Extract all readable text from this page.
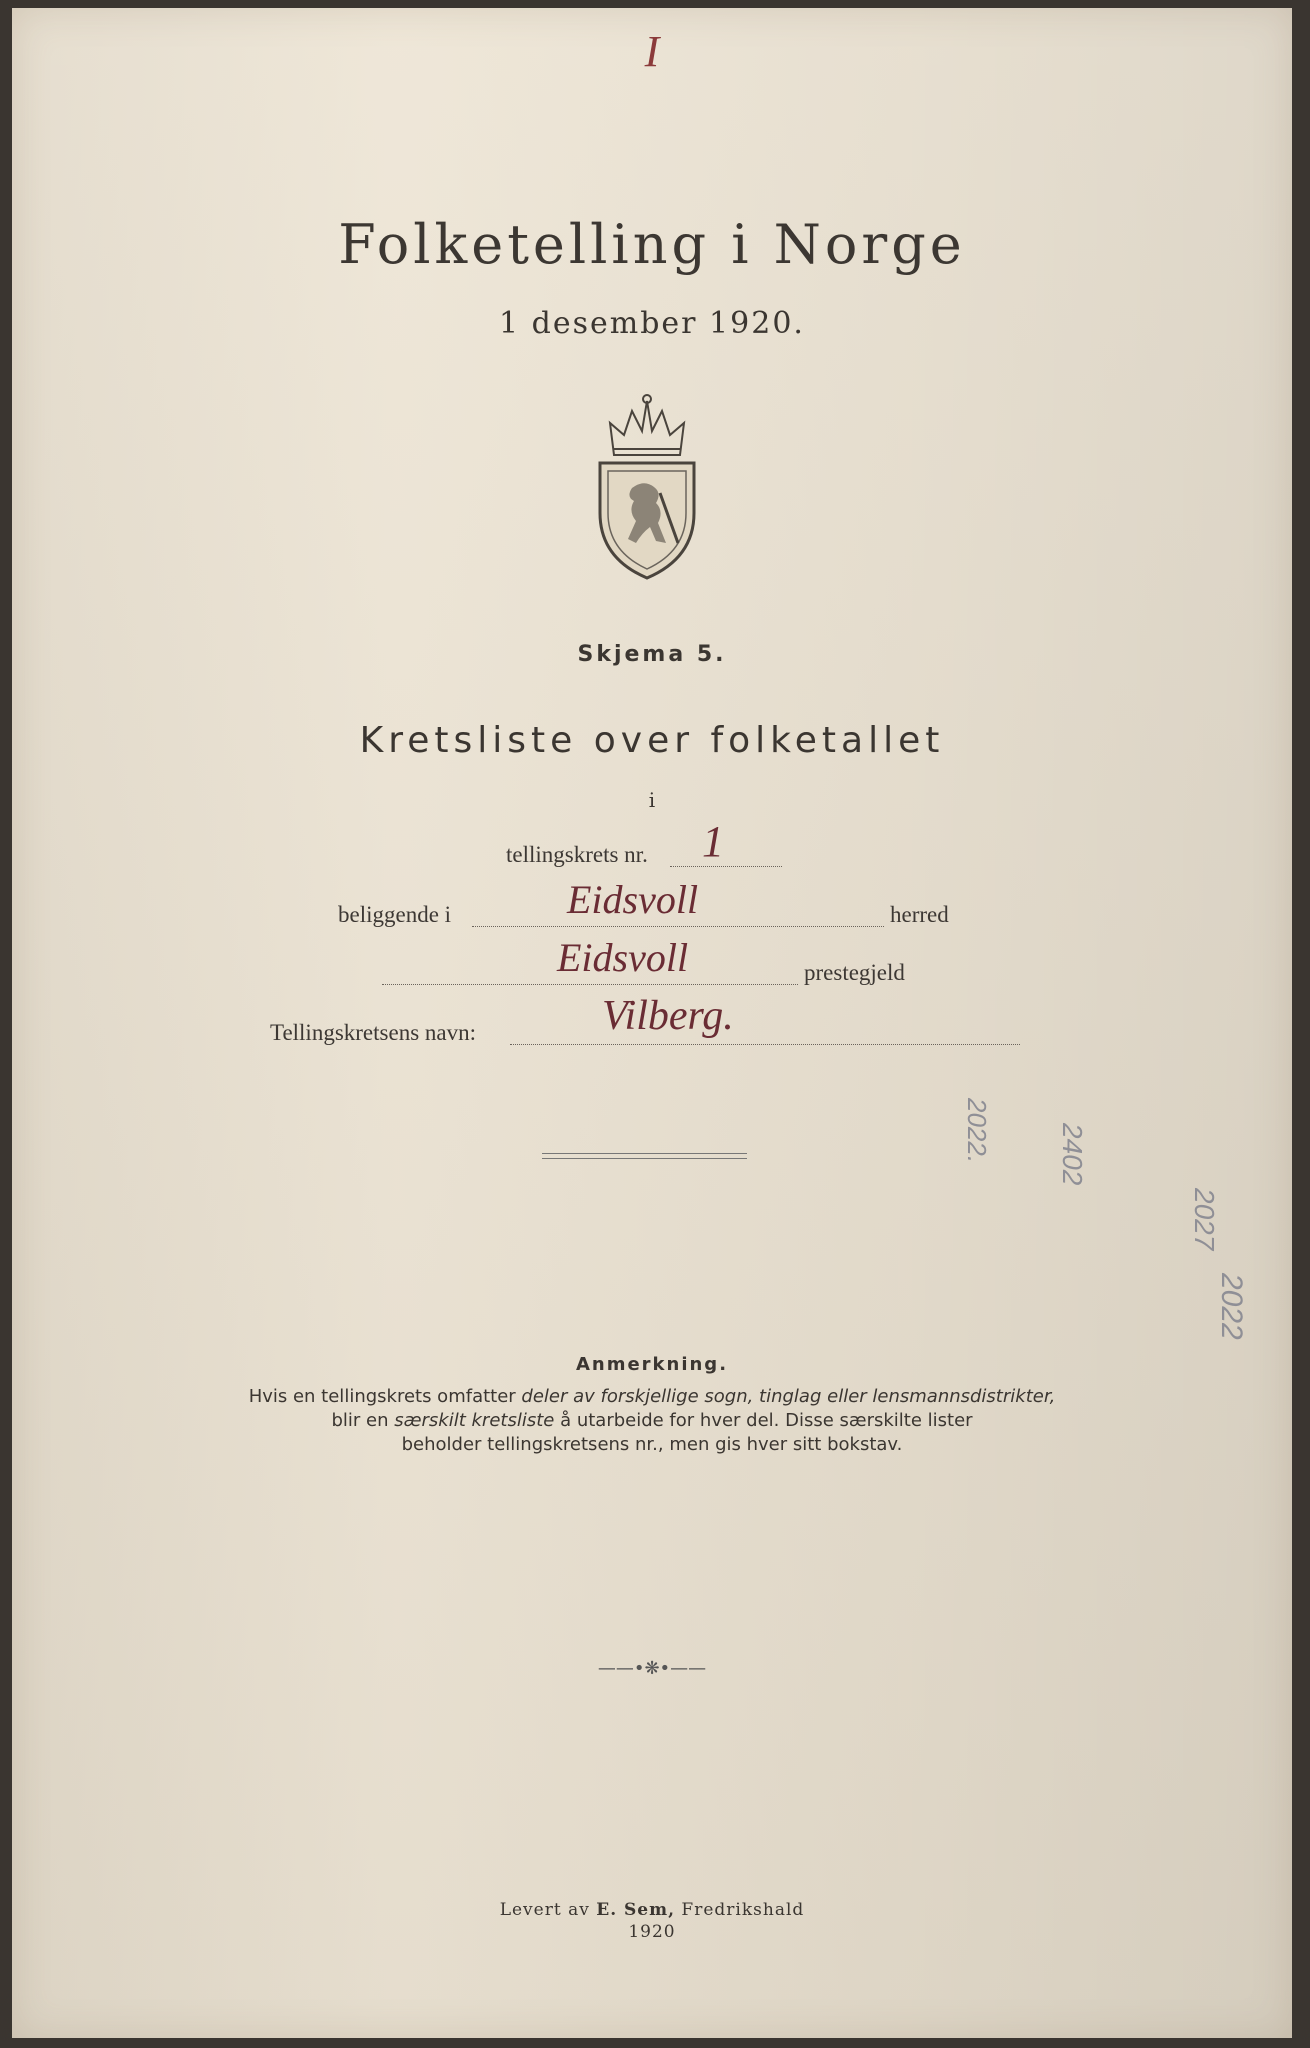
I
Folketelling i Norge
1 desember 1920.
Skjema 5.
Kretsliste over folketallet
i
tellingskrets nr. 1
beliggende i	Eidsvoll	herred
Eidsvoll	prestegjeld
Tellingskretsens navn:	Vilberg.
Anmerkning.
Hvis en tellingskrets omfatter deler av forskjellige sogn, tinglag eller lensmannsdistrikter,
blir en særskilt kretsliste å utarbeide for hver del. Disse særskilte lister
beholder tellingskretsens nr., men gis hver sitt bokstav.
——•❋•——
Levert av E. Sem, Fredrikshald
1920
2022. 2402
2027
2022
